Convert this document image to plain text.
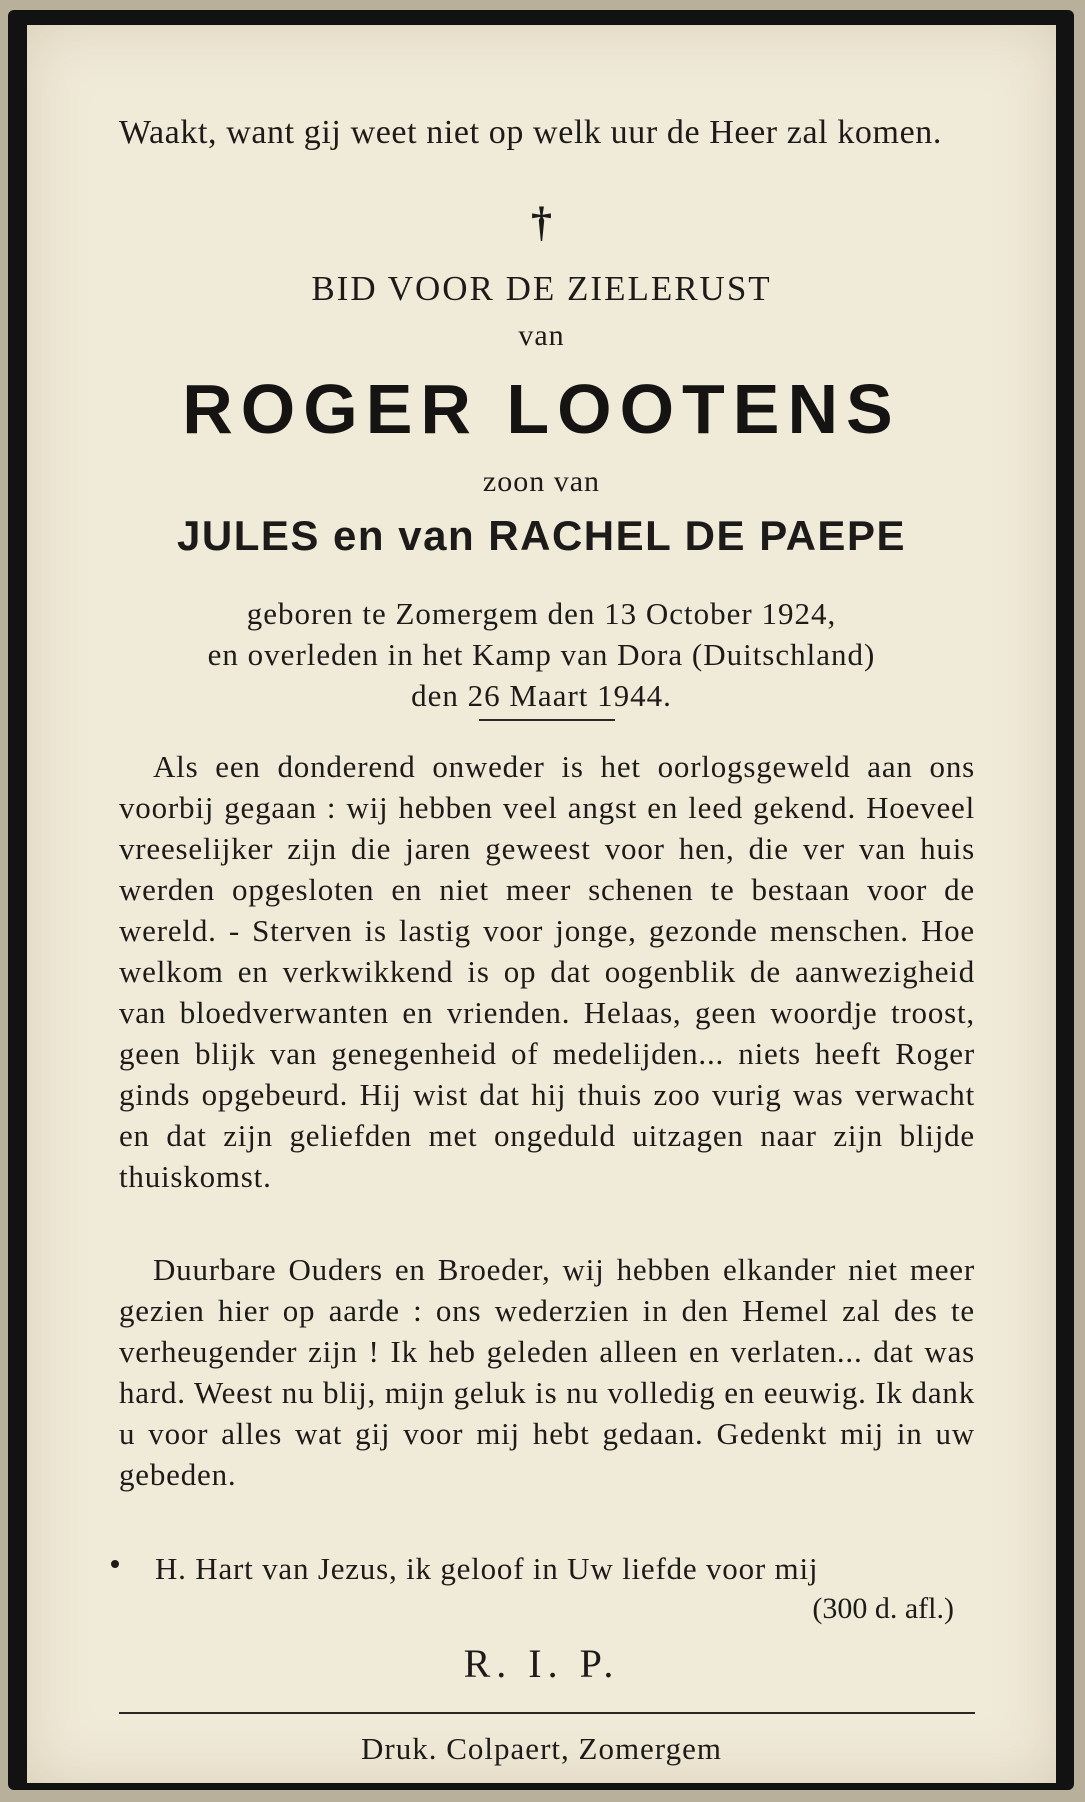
Waakt, want gij weet niet op welk uur de Heer zal komen.
†
BID VOOR DE ZIELERUST
van
ROGER LOOTENS
zoon van
JULES en van RACHEL DE PAEPE
geboren te Zomergem den 13 October 1924,
en overleden in het Kamp van Dora (Duitschland)
den 26 Maart 1944.
Als een donderend onweder is het oorlogsgeweld aan ons voorbij gegaan : wij hebben veel angst en leed gekend. Hoeveel vreeselijker zijn die jaren geweest voor hen, die ver van huis werden opgesloten en niet meer schenen te bestaan voor de wereld. - Sterven is lastig voor jonge, gezonde menschen. Hoe welkom en verkwikkend is op dat oogenblik de aanwezigheid van bloedverwanten en vrienden. Helaas, geen woordje troost, geen blijk van genegenheid of medelijden... niets heeft Roger ginds opgebeurd. Hij wist dat hij thuis zoo vurig was verwacht en dat zijn geliefden met ongeduld uitzagen naar zijn blijde thuiskomst.
Duurbare Ouders en Broeder, wij hebben elkander niet meer gezien hier op aarde : ons wederzien in den Hemel zal des te verheugender zijn ! Ik heb geleden alleen en verlaten... dat was hard. Weest nu blij, mijn geluk is nu volledig en eeuwig. Ik dank u voor alles wat gij voor mij hebt gedaan. Gedenkt mij in uw gebeden.
H. Hart van Jezus, ik geloof in Uw liefde voor mij
(300 d. afl.)
R. I. P.
Druk. Colpaert, Zomergem
